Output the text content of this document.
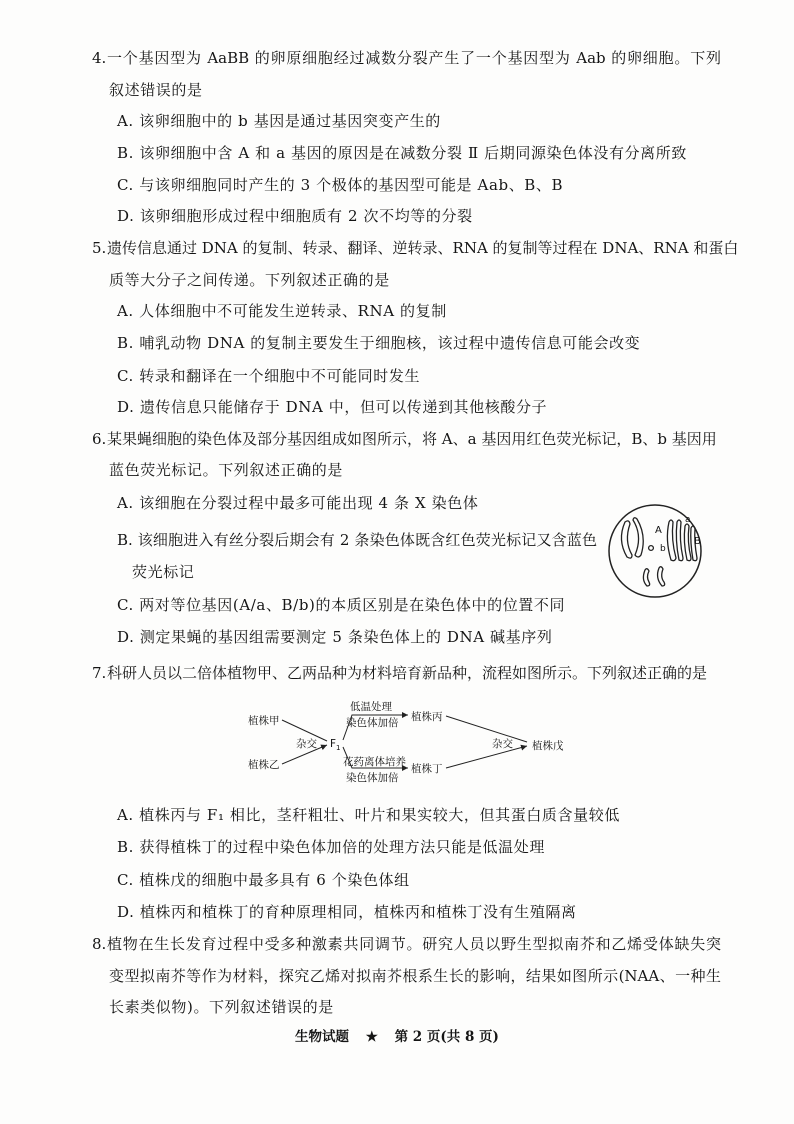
4. 一个基因型为 AaBB 的卵原细胞经过减数分裂产生了一个基因型为 Aab 的卵细胞。下列
叙述错误的是
A. 该卵细胞中的 b 基因是通过基因突变产生的
B. 该卵细胞中含 A 和 a 基因的原因是在减数分裂 Ⅱ 后期同源染色体没有分离所致
C. 与该卵细胞同时产生的 3 个极体的基因型可能是 Aab、B、B
D. 该卵细胞形成过程中细胞质有 2 次不均等的分裂
5. 遗传信息通过 DNA 的复制、转录、翻译、逆转录、RNA 的复制等过程在 DNA、RNA 和蛋白
质等大分子之间传递。下列叙述正确的是
A. 人体细胞中不可能发生逆转录、RNA 的复制
B. 哺乳动物 DNA 的复制主要发生于细胞核，该过程中遗传信息可能会改变
C. 转录和翻译在一个细胞中不可能同时发生
D. 遗传信息只能储存于 DNA 中，但可以传递到其他核酸分子
6. 某果蝇细胞的染色体及部分基因组成如图所示，将 A、a 基因用红色荧光标记，B、b 基因用
蓝色荧光标记。下列叙述正确的是
A. 该细胞在分裂过程中最多可能出现 4 条 X 染色体
B. 该细胞进入有丝分裂后期会有 2 条染色体既含红色荧光标记又含蓝色
荧光标记
C. 两对等位基因(A/a、B/b)的本质区别是在染色体中的位置不同
D. 测定果蝇的基因组需要测定 5 条染色体上的 DNA 碱基序列
A
a
B
b
7. 科研人员以二倍体植物甲、乙两品种为材料培育新品种，流程如图所示。下列叙述正确的是
植株甲
植株乙
杂交 $F_1$
低温处理
染色体加倍 植株丙
花药离体培养
染色体加倍
植株丁
杂交 植株戊
A. 植株丙与 F₁ 相比，茎秆粗壮、叶片和果实较大，但其蛋白质含量较低
B. 获得植株丁的过程中染色体加倍的处理方法只能是低温处理
C. 植株戊的细胞中最多具有 6 个染色体组
D. 植株丙和植株丁的育种原理相同，植株丙和植株丁没有生殖隔离
8. 植物在生长发育过程中受多种激素共同调节。研究人员以野生型拟南芥和乙烯受体缺失突
变型拟南芥等作为材料，探究乙烯对拟南芥根系生长的影响，结果如图所示(NAA、一种生
长素类似物)。下列叙述错误的是
生物试题 ★ 第 2 页(共 8 页)
